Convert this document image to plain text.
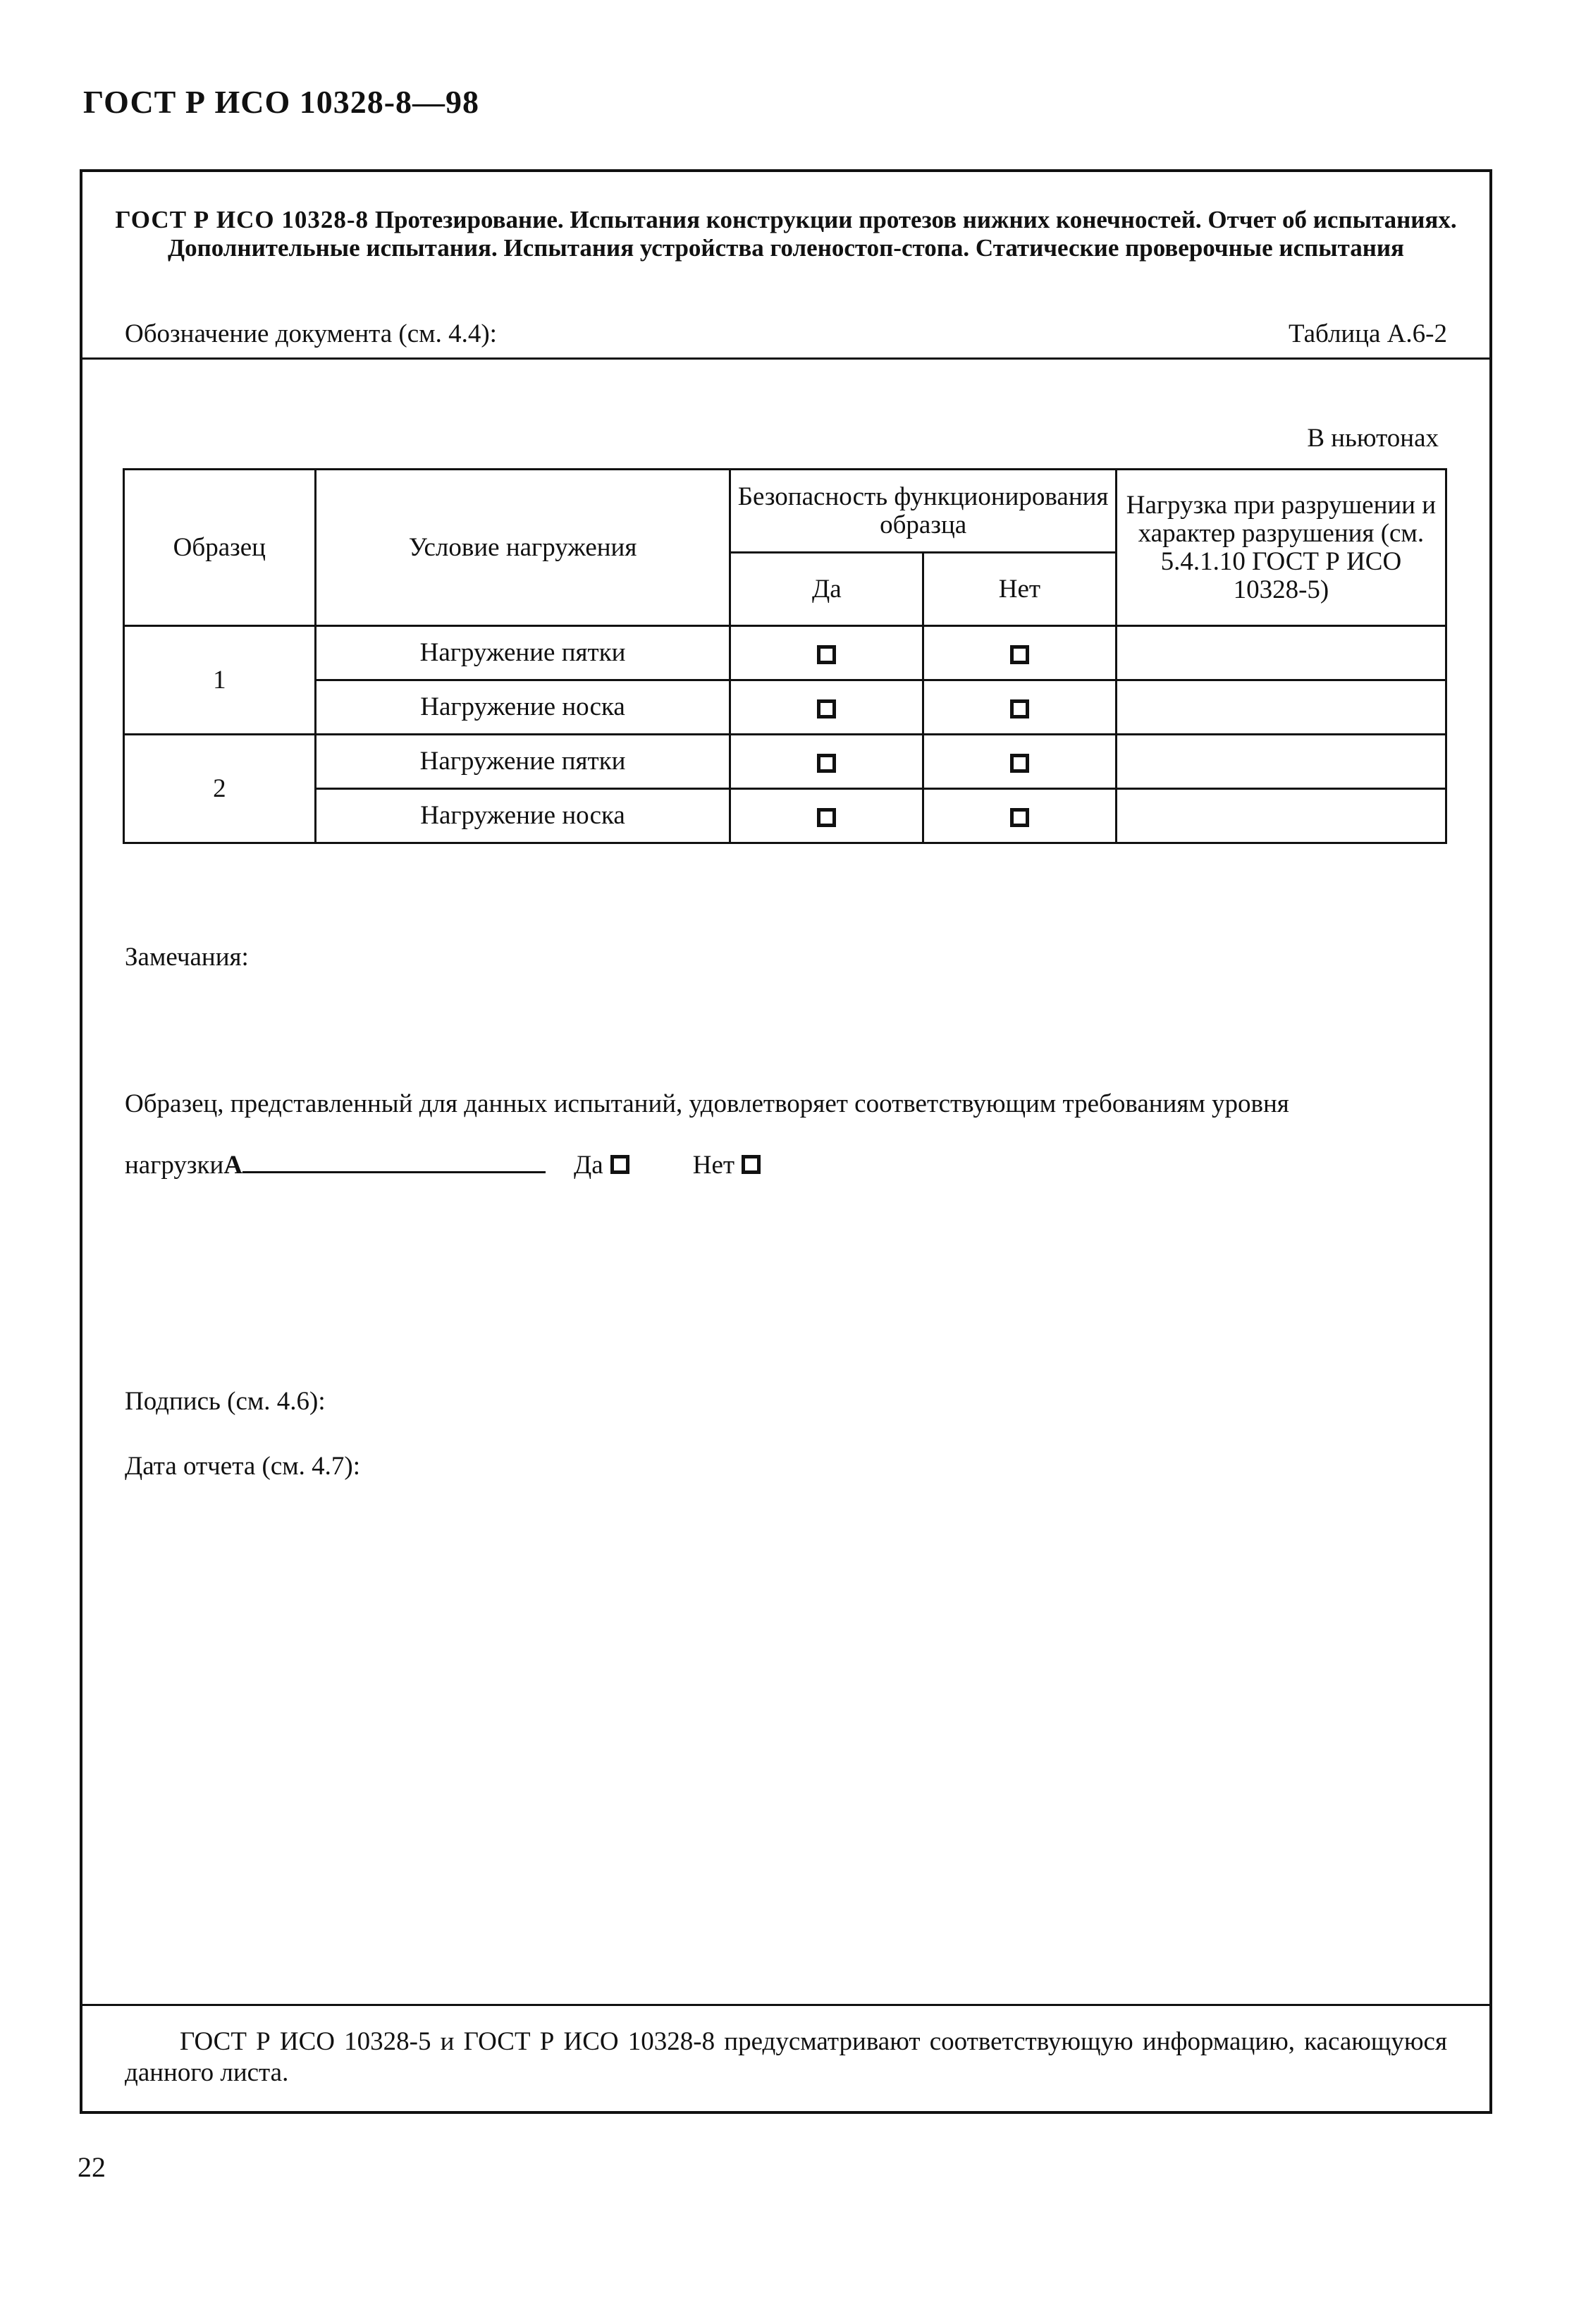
ГОСТ Р ИСО 10328-8—98
ГОСТ Р ИСО 10328-8 Протезирование. Испытания конструкции протезов нижних конечностей. Отчет об испытаниях. Дополнительные испытания. Испытания устройства голеностоп-стопа. Статические проверочные испытания
Обозначение документа (см. 4.4):	Таблица А.6-2
В ньютонах
Образец	Условие нагружения	Безопасность функционирования образца		Нагрузка при разрушении и характер разрушения (см. 5.4.1.10 ГОСТ Р ИСО 10328-5)
		Да	Нет	
1	Нагружение пятки			
	Нагружение носка			
2	Нагружение пятки			
	Нагружение носка			
Замечания:
Образец, представленный для данных испытаний, удовлетворяет соответствующим требованиям уровня
нагрузки А	Да	Нет
Подпись (см. 4.6):
Дата отчета (см. 4.7):
ГОСТ Р ИСО 10328-5 и ГОСТ Р ИСО 10328-8 предусматривают соответствующую информацию, касающуюся данного листа.
22
